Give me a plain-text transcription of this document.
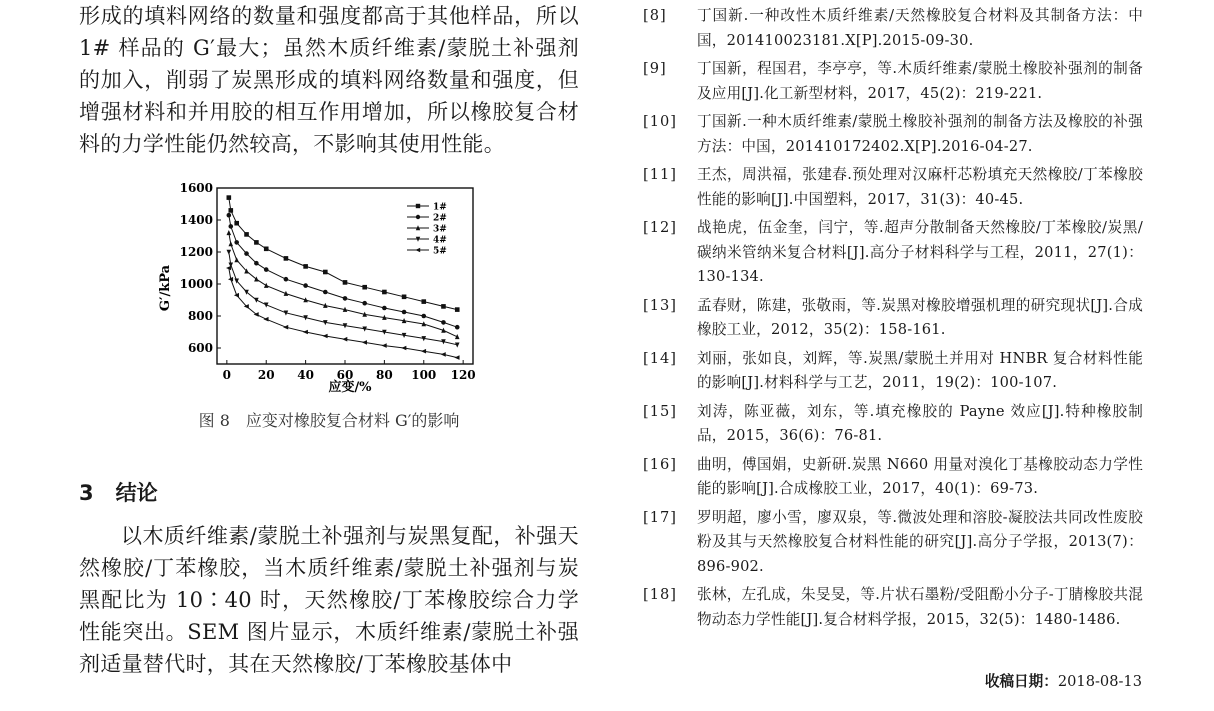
形成的填料网络的数量和强度都高于其他样品，所以 1# 样品的 G′最大；虽然木质纤维素/蒙脱土补强剂的加入，削弱了炭黑形成的填料网络数量和强度，但增强材料和并用胶的相互作用增加，所以橡胶复合材料的力学性能仍然较高，不影响其使用性能。

0 20 40 60 80 100 120
600
800
1000
1200
1400
1600
1#
2#
3#
4#
5#
G′/kPa
应变/%
图 8　应变对橡胶复合材料 G′的影响
3 结论

以木质纤维素/蒙脱土补强剂与炭黑复配，补强天然橡胶/丁苯橡胶，当木质纤维素/蒙脱土补强剂与炭黑配比为 10∶40 时，天然橡胶/丁苯橡胶综合力学性能突出。SEM 图片显示，木质纤维素/蒙脱土补强剂适量替代时，其在天然橡胶/丁苯橡胶基体中

[8]	丁国新.一种改性木质纤维素/天然橡胶复合材料及其制备方法：中国，201410023181.X[P].2015-09-30.
[9]	丁国新，程国君，李亭亭，等.木质纤维素/蒙脱土橡胶补强剂的制备及应用[J].化工新型材料，2017，45(2)：219-221.
[10]	丁国新.一种木质纤维素/蒙脱土橡胶补强剂的制备方法及橡胶的补强方法：中国，201410172402.X[P].2016-04-27.
[11]	王杰，周洪福，张建春.预处理对汉麻杆芯粉填充天然橡胶/丁苯橡胶性能的影响[J].中国塑料，2017，31(3)：40-45.
[12]	战艳虎，伍金奎，闫宁，等.超声分散制备天然橡胶/丁苯橡胶/炭黑/碳纳米管纳米复合材料[J].高分子材料科学与工程，2011，27(1)：130-134.
[13]	孟春财，陈建，张敬雨，等.炭黑对橡胶增强机理的研究现状[J].合成橡胶工业，2012，35(2)：158-161.
[14]	刘丽，张如良，刘辉，等.炭黑/蒙脱土并用对 HNBR 复合材料性能的影响[J].材料科学与工艺，2011，19(2)：100-107.
[15]	刘涛，陈亚薇，刘东，等.填充橡胶的 Payne 效应[J].特种橡胶制品，2015，36(6)：76-81.
[16]	曲明，傅国娟，史新研.炭黑 N660 用量对溴化丁基橡胶动态力学性能的影响[J].合成橡胶工业，2017，40(1)：69-73.
[17]	罗明超，廖小雪，廖双泉，等.微波处理和溶胶-凝胶法共同改性废胶粉及其与天然橡胶复合材料性能的研究[J].高分子学报，2013(7)：896-902.
[18]	张林，左孔成，朱旻旻，等.片状石墨粉/受阻酚小分子-丁腈橡胶共混物动态力学性能[J].复合材料学报，2015，32(5)：1480-1486.
收稿日期：2018-08-13
